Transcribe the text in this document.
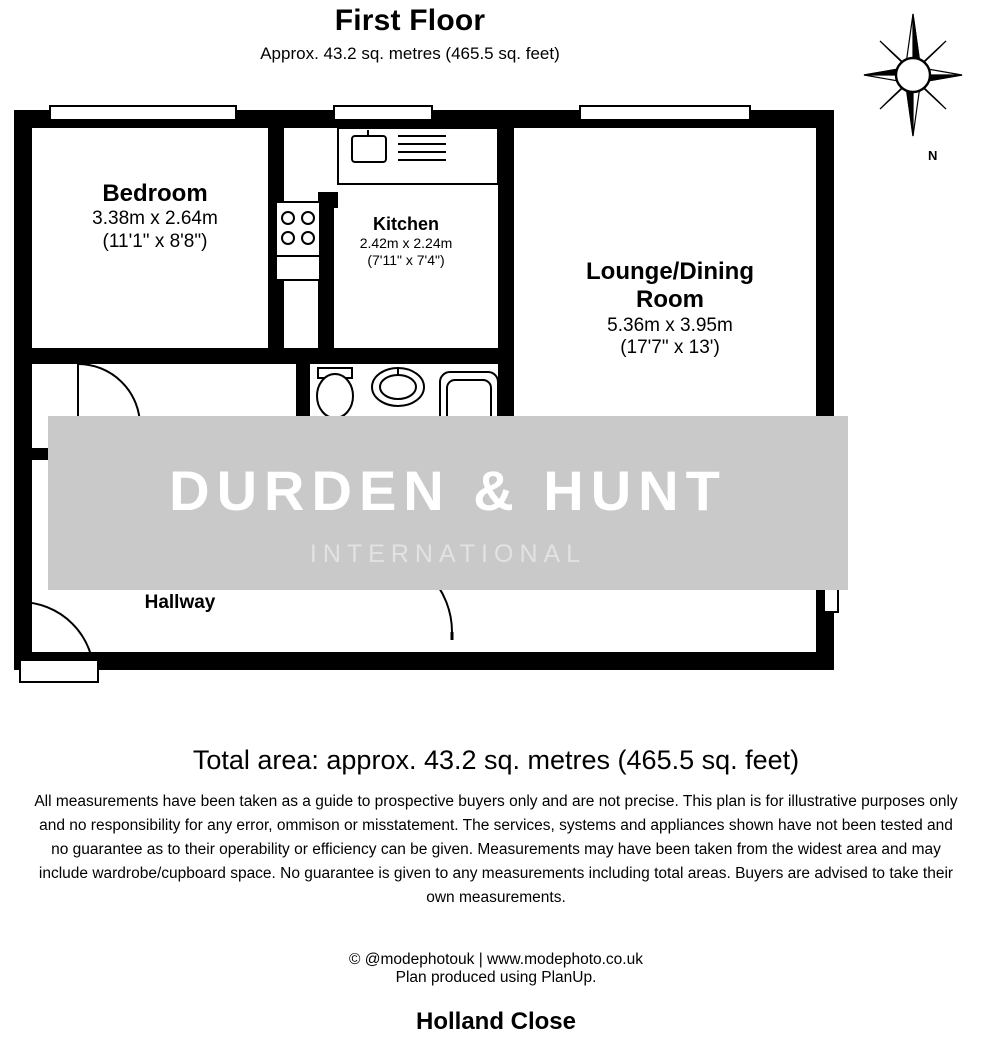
First Floor
Approx. 43.2 sq. metres (465.5 sq. feet)
N
Bedroom
3.38m x 2.64m
(11'1" x 8'8")
Kitchen
2.42m x 2.24m
(7'11" x 7'4")	Lounge/Dining
Room
5.36m x 3.95m
(17'7" x 13')
Hallway
DURDEN & HUNT
INTERNATIONAL
Total area: approx. 43.2 sq. metres (465.5 sq. feet)
All measurements have been taken as a guide to prospective buyers only and are not precise. This plan is for illustrative purposes only and no responsibility for any error, ommison or misstatement. The services, systems and appliances shown have not been tested and no guarantee as to their operability or efficiency can be given. Measurements may have been taken from the widest area and may include wardrobe/cupboard space. No guarantee is given to any measurements including total areas. Buyers are advised to take their own measurements.
© @modephotouk | www.modephoto.co.uk
Plan produced using PlanUp.
Holland Close
